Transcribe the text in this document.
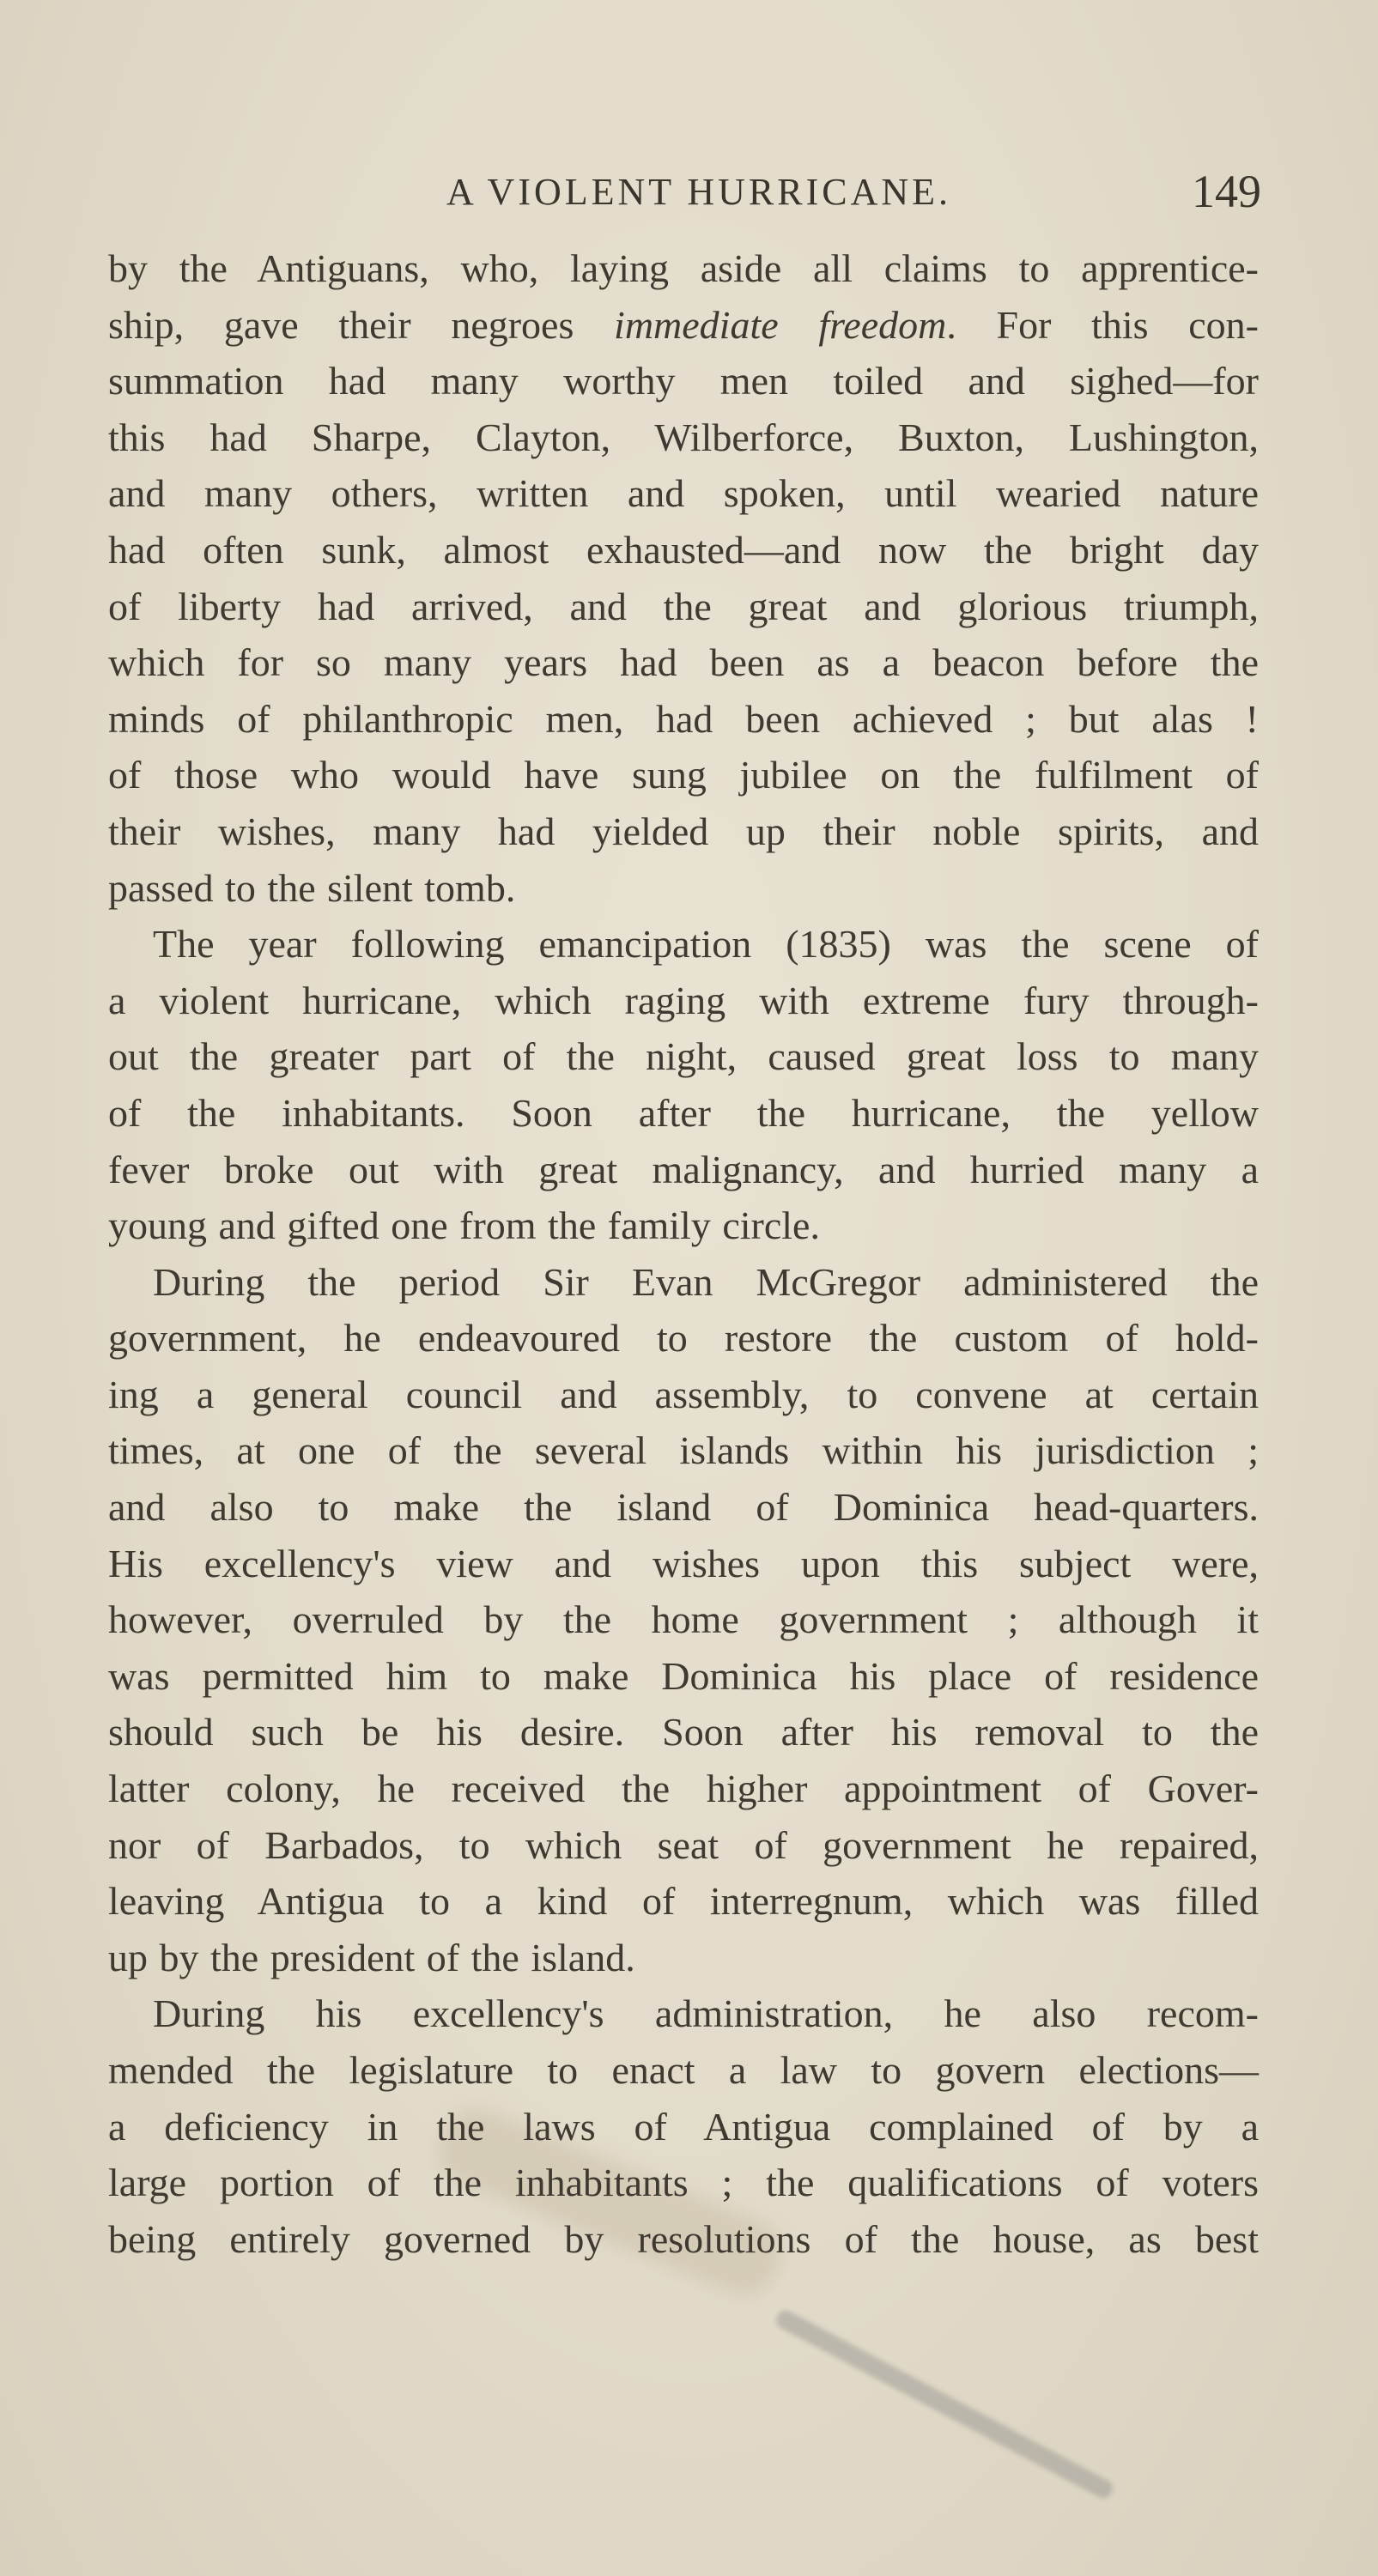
A VIOLENT HURRICANE.	149
by the Antiguans, who, laying aside all claims to apprentice-
ship, gave their negroes immediate freedom. For this con-
summation had many worthy men toiled and sighed—for
this had Sharpe, Clayton, Wilberforce, Buxton, Lushington,
and many others, written and spoken, until wearied nature
had often sunk, almost exhausted—and now the bright day
of liberty had arrived, and the great and glorious triumph,
which for so many years had been as a beacon before the
minds of philanthropic men, had been achieved ; but alas !
of those who would have sung jubilee on the fulfilment of
their wishes, many had yielded up their noble spirits, and
passed to the silent tomb.
The year following emancipation (1835) was the scene of
a violent hurricane, which raging with extreme fury through-
out the greater part of the night, caused great loss to many
of the inhabitants. Soon after the hurricane, the yellow
fever broke out with great malignancy, and hurried many a
young and gifted one from the family circle.
During the period Sir Evan McGregor administered the
government, he endeavoured to restore the custom of hold-
ing a general council and assembly, to convene at certain
times, at one of the several islands within his jurisdiction ;
and also to make the island of Dominica head-quarters.
His excellency's view and wishes upon this subject were,
however, overruled by the home government ; although it
was permitted him to make Dominica his place of residence
should such be his desire. Soon after his removal to the
latter colony, he received the higher appointment of Gover-
nor of Barbados, to which seat of government he repaired,
leaving Antigua to a kind of interregnum, which was filled
up by the president of the island.
During his excellency's administration, he also recom-
mended the legislature to enact a law to govern elections—
a deficiency in the laws of Antigua complained of by a
large portion of the inhabitants ; the qualifications of voters
being entirely governed by resolutions of the house, as best
